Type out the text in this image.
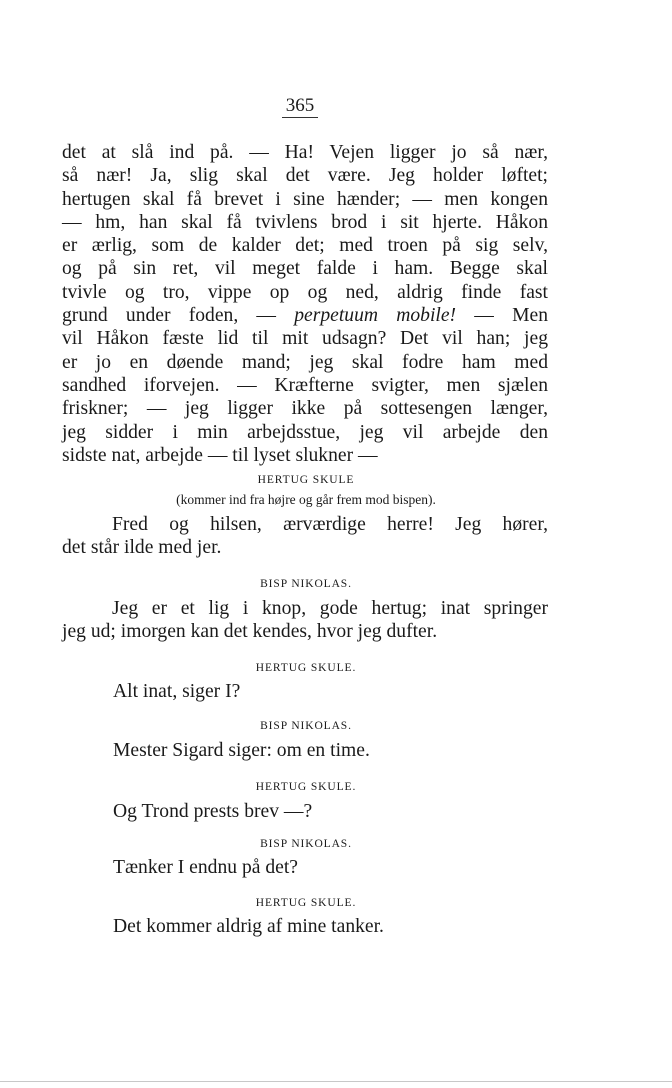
365
det at slå ind på. — Ha! Vejen ligger jo så nær,
så nær! Ja, slig skal det være. Jeg holder løftet;
hertugen skal få brevet i sine hænder; — men kongen
— hm, han skal få tvivlens brod i sit hjerte. Håkon
er ærlig, som de kalder det; med troen på sig selv,
og på sin ret, vil meget falde i ham. Begge skal
tvivle og tro, vippe op og ned, aldrig finde fast
grund under foden, — perpetuum mobile! — Men
vil Håkon fæste lid til mit udsagn? Det vil han; jeg
er jo en døende mand; jeg skal fodre ham med
sandhed iforvejen. — Kræfterne svigter, men sjælen
friskner; — jeg ligger ikke på sottesengen længer,
jeg sidder i min arbejdsstue, jeg vil arbejde den
sidste nat, arbejde — til lyset slukner —
HERTUG SKULE
(kommer ind fra højre og går frem mod bispen).
Fred og hilsen, ærværdige herre! Jeg hører,
det står ilde med jer.
BISP NIKOLAS.
Jeg er et lig i knop, gode hertug; inat springer
jeg ud; imorgen kan det kendes, hvor jeg dufter.
HERTUG SKULE.
Alt inat, siger I?
BISP NIKOLAS.
Mester Sigard siger: om en time.
HERTUG SKULE.
Og Trond prests brev —?
BISP NIKOLAS.
Tænker I endnu på det?
HERTUG SKULE.
Det kommer aldrig af mine tanker.
